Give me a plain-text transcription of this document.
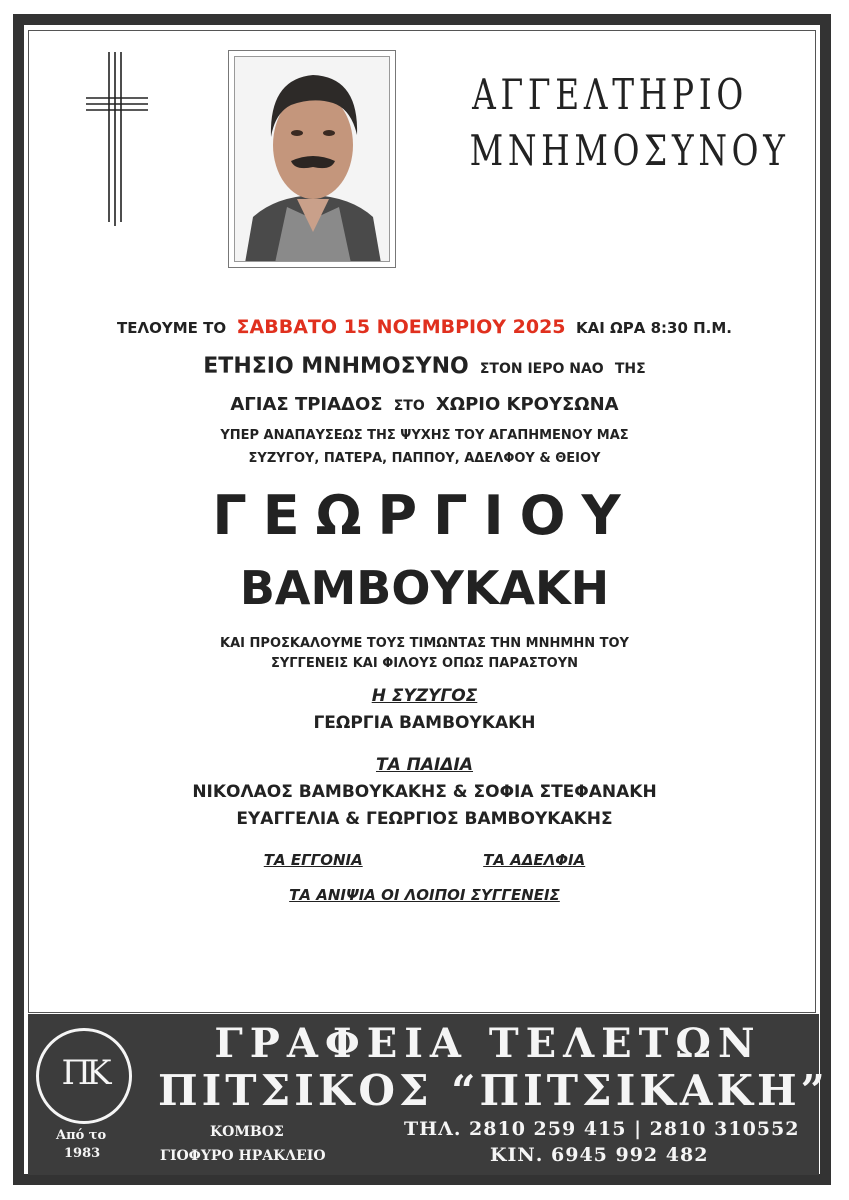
ΑΓΓΕΛΤΗΡΙΟ
ΜΝΗΜΟΣΥΝΟΥ
ΤΕΛΟΥΜΕ ΤΟ ΣΑΒΒΑΤΟ 15 ΝΟΕΜΒΡΙΟΥ 2025 ΚΑΙ ΩΡΑ 8:30 Π.Μ.
ΕΤΗΣΙΟ ΜΝΗΜΟΣΥΝΟ ΣΤΟΝ ΙΕΡΟ ΝΑΟ ΤΗΣ
ΑΓΙΑΣ ΤΡΙΑΔΟΣ ΣΤΟ ΧΩΡΙΟ ΚΡΟΥΣΩΝΑ
ΥΠΕΡ ΑΝΑΠΑΥΣΕΩΣ ΤΗΣ ΨΥΧΗΣ ΤΟΥ ΑΓΑΠΗΜΕΝΟΥ ΜΑΣ
ΣΥΖΥΓΟΥ, ΠΑΤΕΡΑ, ΠΑΠΠΟΥ, ΑΔΕΛΦΟΥ & ΘΕΙΟΥ
ΓΕΩΡΓΙΟΥ
ΒΑΜΒΟΥΚΑΚΗ
ΚΑΙ ΠΡΟΣΚΑΛΟΥΜΕ ΤΟΥΣ ΤΙΜΩΝΤΑΣ ΤΗΝ ΜΝΗΜΗΝ ΤΟΥ
ΣΥΓΓΕΝΕΙΣ ΚΑΙ ΦΙΛΟΥΣ ΟΠΩΣ ΠΑΡΑΣΤΟΥΝ
Η ΣΥΖΥΓΟΣ
ΓΕΩΡΓΙΑ ΒΑΜΒΟΥΚΑΚΗ
ΤΑ ΠΑΙΔΙΑ
ΝΙΚΟΛΑΟΣ ΒΑΜΒΟΥΚΑΚΗΣ & ΣΟΦΙΑ ΣΤΕΦΑΝΑΚΗ
ΕΥΑΓΓΕΛΙΑ & ΓΕΩΡΓΙΟΣ ΒΑΜΒΟΥΚΑΚΗΣ
ΤΑ ΕΓΓΟΝΙΑ	ΤΑ ΑΔΕΛΦΙΑ
ΤΑ ΑΝΙΨΙΑ ΟΙ ΛΟΙΠΟΙ ΣΥΓΓΕΝΕΙΣ
ΠΚ
Από το
1983
ΓΡΑΦΕΙΑ ΤΕΛΕΤΩΝ
ΠΙΤΣΙΚΟΣ “ΠΙΤΣΙΚΑΚΗ”
ΚΟΜΒΟΣ
ΓΙΟΦΥΡΟ ΗΡΑΚΛΕΙΟ
ΤΗΛ. 2810 259 415 | 2810 310552
ΚΙΝ. 6945 992 482
